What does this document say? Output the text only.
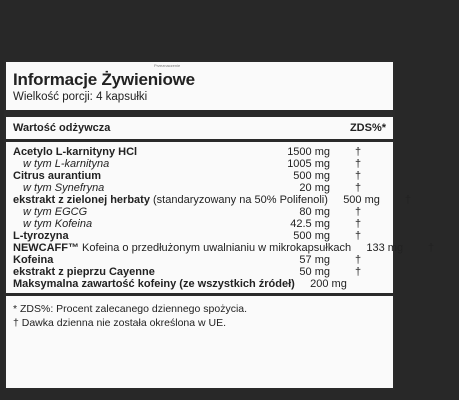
Przeznaczenie
Informacje Żywieniowe
Wielkość porcji: 4 kapsułki
Wartość odżywcza	ZDS%*
Acetylo L-karnityny HCl	1500 mg	†
w tym L-karnityna	1005 mg	†
Citrus aurantium	500 mg	†
w tym Synefryna	20 mg	†
ekstrakt z zielonej herbaty (standaryzowany na 50% Polifenoli)	500 mg	†
w tym EGCG	80 mg	†
w tym Kofeina	42.5 mg	†
L-tyrozyna	500 mg	†
NEWCAFF™ Kofeina o przedłużonym uwalnianiu w mikrokapsułkach	133 mg	†
Kofeina	57 mg	†
ekstrakt z pieprzu Cayenne	50 mg	†
Maksymalna zawartość kofeiny (ze wszystkich źródeł)	200 mg
* ZDS%: Procent zalecanego dziennego spożycia.
† Dawka dzienna nie została określona w UE.
